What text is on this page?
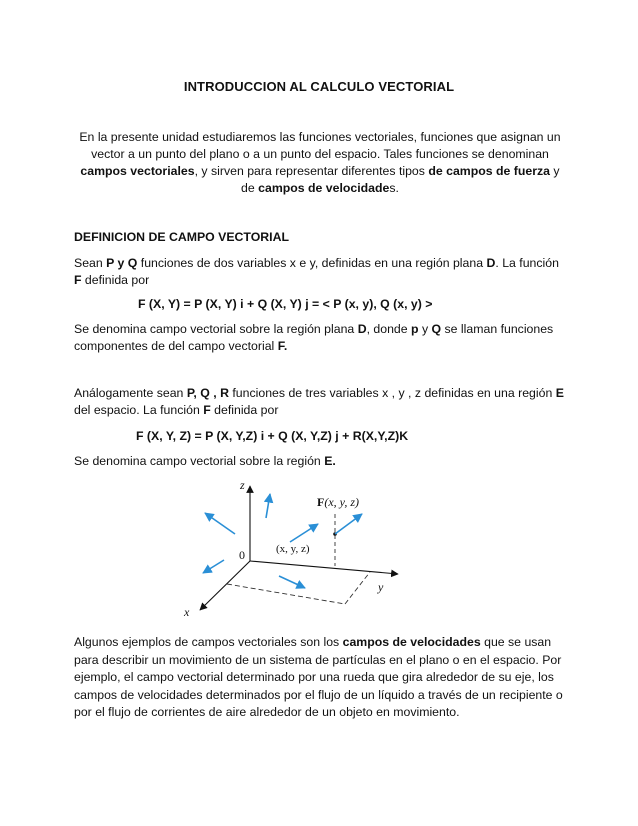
INTRODUCCION AL CALCULO VECTORIAL
En la presente unidad estudiaremos las funciones vectoriales, funciones que asignan un vector a un punto del plano o a un punto del espacio. Tales funciones se denominan campos vectoriales, y sirven para representar diferentes tipos de campos de fuerza y de campos de velocidades.
DEFINICION DE CAMPO VECTORIAL
Sean P y Q funciones de dos variables x e y, definidas en una región plana D. La función F definida por
F (X, Y) = P (X, Y) i + Q (X, Y) j = < P (x, y), Q (x, y) >
Se denomina campo vectorial sobre la región plana D, donde p y Q se llaman funciones componentes de del campo vectorial F.
Análogamente sean P, Q , R funciones de tres variables x , y , z definidas en una región E del espacio. La función F definida por
F (X, Y, Z) = P (X, Y,Z) i + Q (X, Y,Z) j + R(X,Y,Z)K
Se denomina campo vectorial sobre la región E.
z
y
x
0	(x, y, z)
F(x, y, z)
Algunos ejemplos de campos vectoriales son los campos de velocidades que se usan para describir un movimiento de un sistema de partículas en el plano o en el espacio. Por ejemplo, el campo vectorial determinado por una rueda que gira alrededor de su eje, los campos de velocidades determinados por el flujo de un líquido a través de un recipiente o por el flujo de corrientes de aire alrededor de un objeto en movimiento.
